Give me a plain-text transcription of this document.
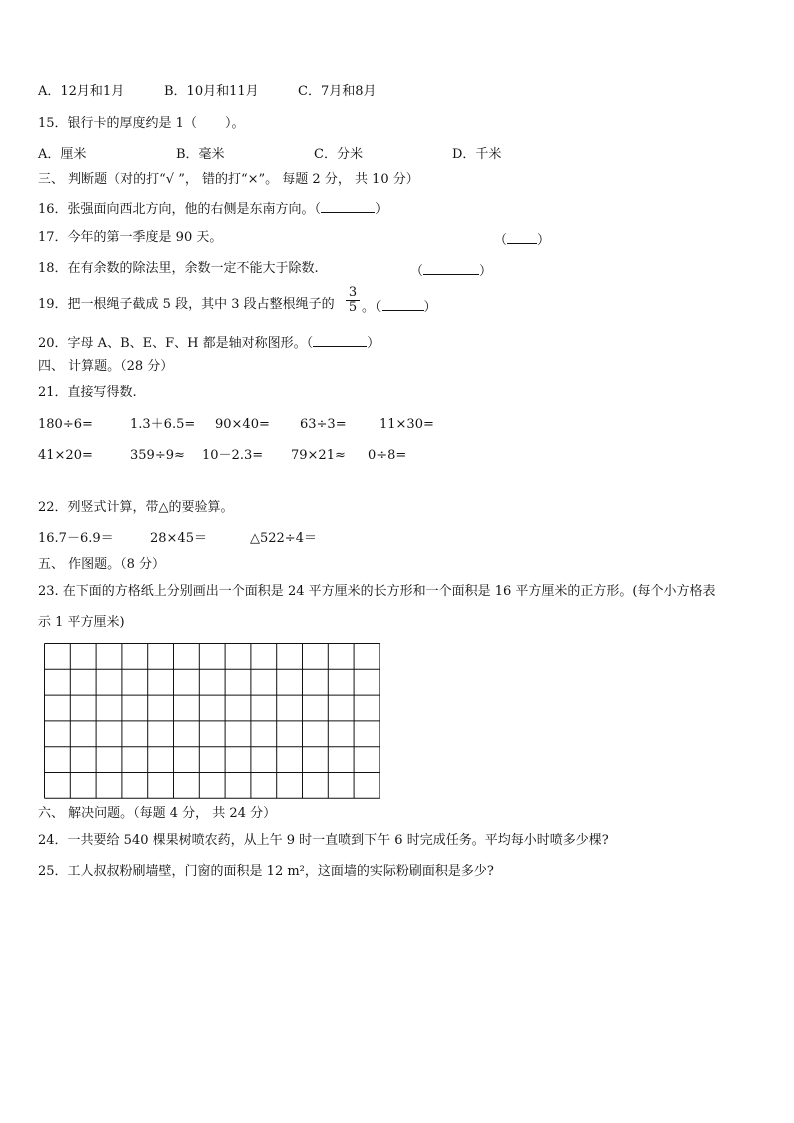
A．12月和1月	B．10月和11月	C．7月和8月
15．银行卡的厚度约是 1（ ）。
A．厘米	B．毫米	C．分米	D．千米
三、 判断题（对的打“√ ”， 错的打“×”。 每题 2 分， 共 10 分）
16．张强面向西北方向，他的右侧是东南方向。（	）
17．今年的第一季度是 90 天。	（ ）
18．在有余数的除法里，余数一定不能大于除数.	（	）
19．把一根绳子截成 5 段，其中 3 段占整根绳子的 $\frac{3}{5}$ 。（	）
20．字母 A、B、E、F、H 都是轴对称图形。（	）
四、 计算题。（28 分）
21．直接写得数.
180÷6=	1.3＋6.5= 90×40= 63÷3= 11×30=
41×20=	359÷9≈ 10－2.3= 79×21≈ 0÷8=
22．列竖式计算，带△的要验算。
16.7－6.9＝	28×45＝	△522÷4＝
五、 作图题。（8 分）
23. 在下面的方格纸上分别画出一个面积是 24 平方厘米的长方形和一个面积是 16 平方厘米的正方形。(每个小方格表
示 1 平方厘米)
六、 解决问题。（每题 4 分， 共 24 分）
24．一共要给 540 棵果树喷农药，从上午 9 时一直喷到下午 6 时完成任务。平均每小时喷多少棵?
25．工人叔叔粉刷墙壁，门窗的面积是 12 m²，这面墙的实际粉刷面积是多少?
